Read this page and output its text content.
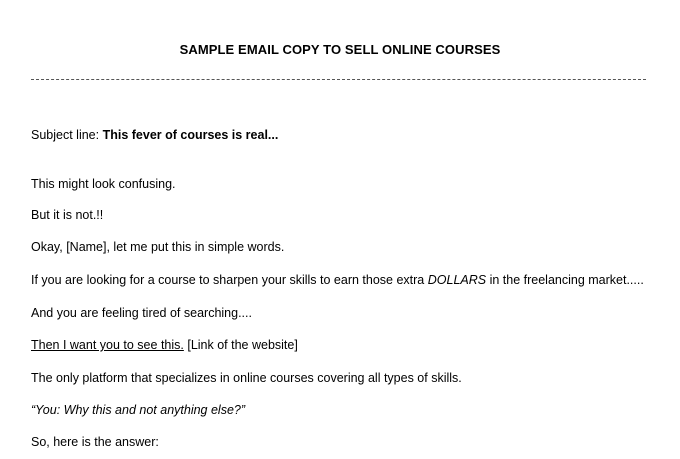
SAMPLE EMAIL COPY TO SELL ONLINE COURSES
Subject line: This fever of courses is real...
This might look confusing.
But it is not.!!
Okay, [Name], let me put this in simple words.
If you are looking for a course to sharpen your skills to earn those extra DOLLARS in the freelancing market.....
And you are feeling tired of searching....
Then I want you to see this. [Link of the website]
The only platform that specializes in online courses covering all types of skills.
“You: Why this and not anything else?”
So, here is the answer:
